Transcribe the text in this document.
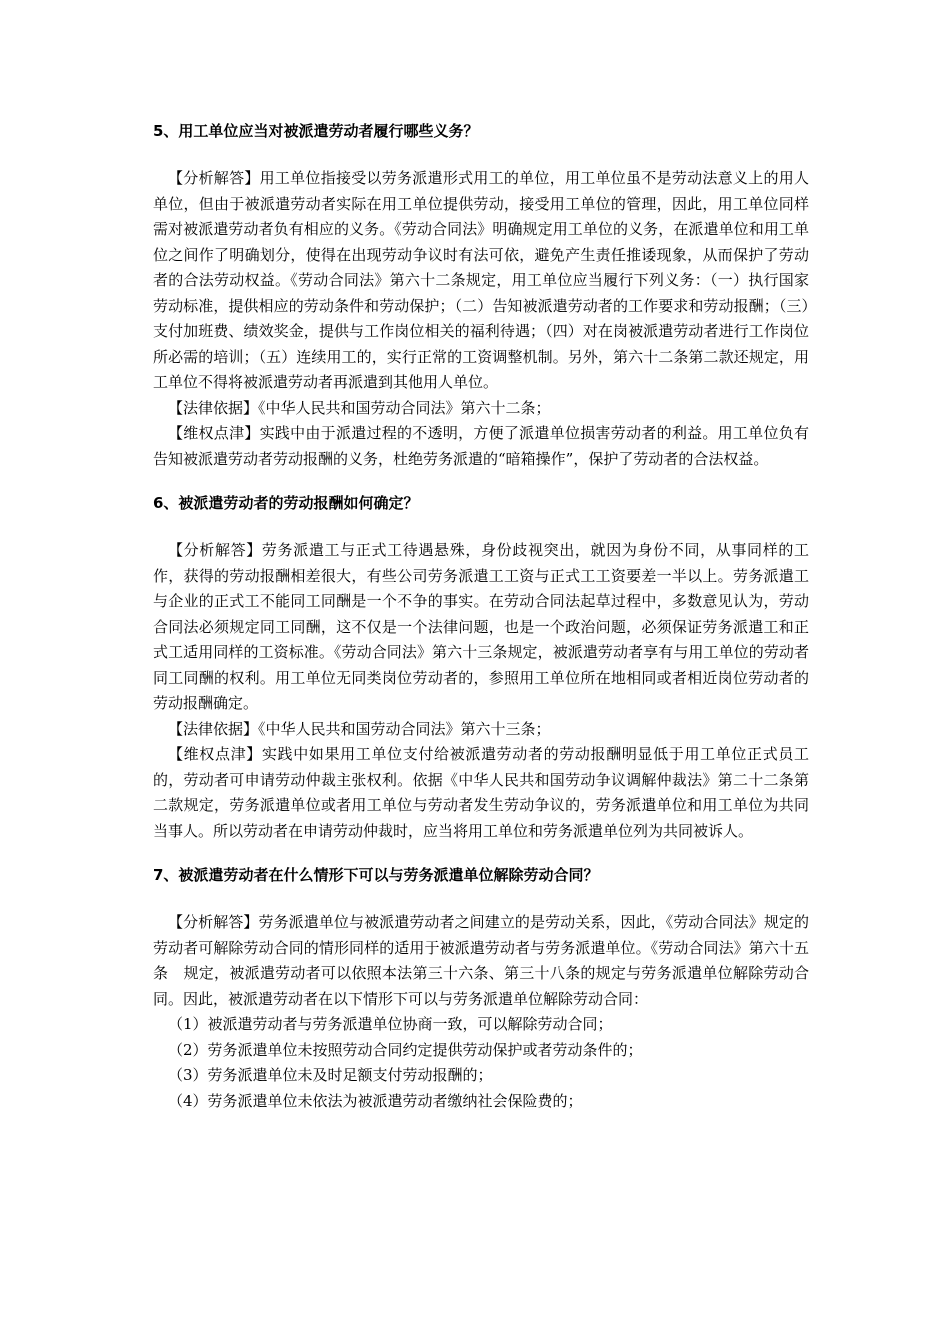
5、用工单位应当对被派遣劳动者履行哪些义务？

【分析解答】用工单位指接受以劳务派遣形式用工的单位，用工单位虽不是劳动法意义上的用人单位，但由于被派遣劳动者实际在用工单位提供劳动，接受用工单位的管理，因此，用工单位同样需对被派遣劳动者负有相应的义务。《劳动合同法》明确规定用工单位的义务，在派遣单位和用工单位之间作了明确划分，使得在出现劳动争议时有法可依，避免产生责任推诿现象，从而保护了劳动者的合法劳动权益。《劳动合同法》第六十二条规定，用工单位应当履行下列义务：（一）执行国家劳动标准，提供相应的劳动条件和劳动保护；（二）告知被派遣劳动者的工作要求和劳动报酬；（三）支付加班费、绩效奖金，提供与工作岗位相关的福利待遇；（四）对在岗被派遣劳动者进行工作岗位所必需的培训；（五）连续用工的，实行正常的工资调整机制。另外，第六十二条第二款还规定，用工单位不得将被派遣劳动者再派遣到其他用人单位。

【法律依据】《中华人民共和国劳动合同法》第六十二条；

【维权点津】实践中由于派遣过程的不透明，方便了派遣单位损害劳动者的利益。用工单位负有告知被派遣劳动者劳动报酬的义务，杜绝劳务派遣的“暗箱操作”，保护了劳动者的合法权益。

6、被派遣劳动者的劳动报酬如何确定？

【分析解答】劳务派遣工与正式工待遇悬殊，身份歧视突出，就因为身份不同，从事同样的工作，获得的劳动报酬相差很大，有些公司劳务派遣工工资与正式工工资要差一半以上。劳务派遣工与企业的正式工不能同工同酬是一个不争的事实。在劳动合同法起草过程中，多数意见认为，劳动合同法必须规定同工同酬，这不仅是一个法律问题，也是一个政治问题，必须保证劳务派遣工和正式工适用同样的工资标准。《劳动合同法》第六十三条规定，被派遣劳动者享有与用工单位的劳动者同工同酬的权利。用工单位无同类岗位劳动者的，参照用工单位所在地相同或者相近岗位劳动者的劳动报酬确定。

【法律依据】《中华人民共和国劳动合同法》第六十三条；

【维权点津】实践中如果用工单位支付给被派遣劳动者的劳动报酬明显低于用工单位正式员工的，劳动者可申请劳动仲裁主张权利。依据《中华人民共和国劳动争议调解仲裁法》第二十二条第二款规定，劳务派遣单位或者用工单位与劳动者发生劳动争议的，劳务派遣单位和用工单位为共同当事人。所以劳动者在申请劳动仲裁时，应当将用工单位和劳务派遣单位列为共同被诉人。

7、被派遣劳动者在什么情形下可以与劳务派遣单位解除劳动合同？

【分析解答】劳务派遣单位与被派遣劳动者之间建立的是劳动关系，因此，《劳动合同法》规定的劳动者可解除劳动合同的情形同样的适用于被派遣劳动者与劳务派遣单位。《劳动合同法》第六十五条　规定，被派遣劳动者可以依照本法第三十六条、第三十八条的规定与劳务派遣单位解除劳动合同。因此，被派遣劳动者在以下情形下可以与劳务派遣单位解除劳动合同：

（1）被派遣劳动者与劳务派遣单位协商一致，可以解除劳动合同；

（2）劳务派遣单位未按照劳动合同约定提供劳动保护或者劳动条件的；

（3）劳务派遣单位未及时足额支付劳动报酬的；

（4）劳务派遣单位未依法为被派遣劳动者缴纳社会保险费的；
